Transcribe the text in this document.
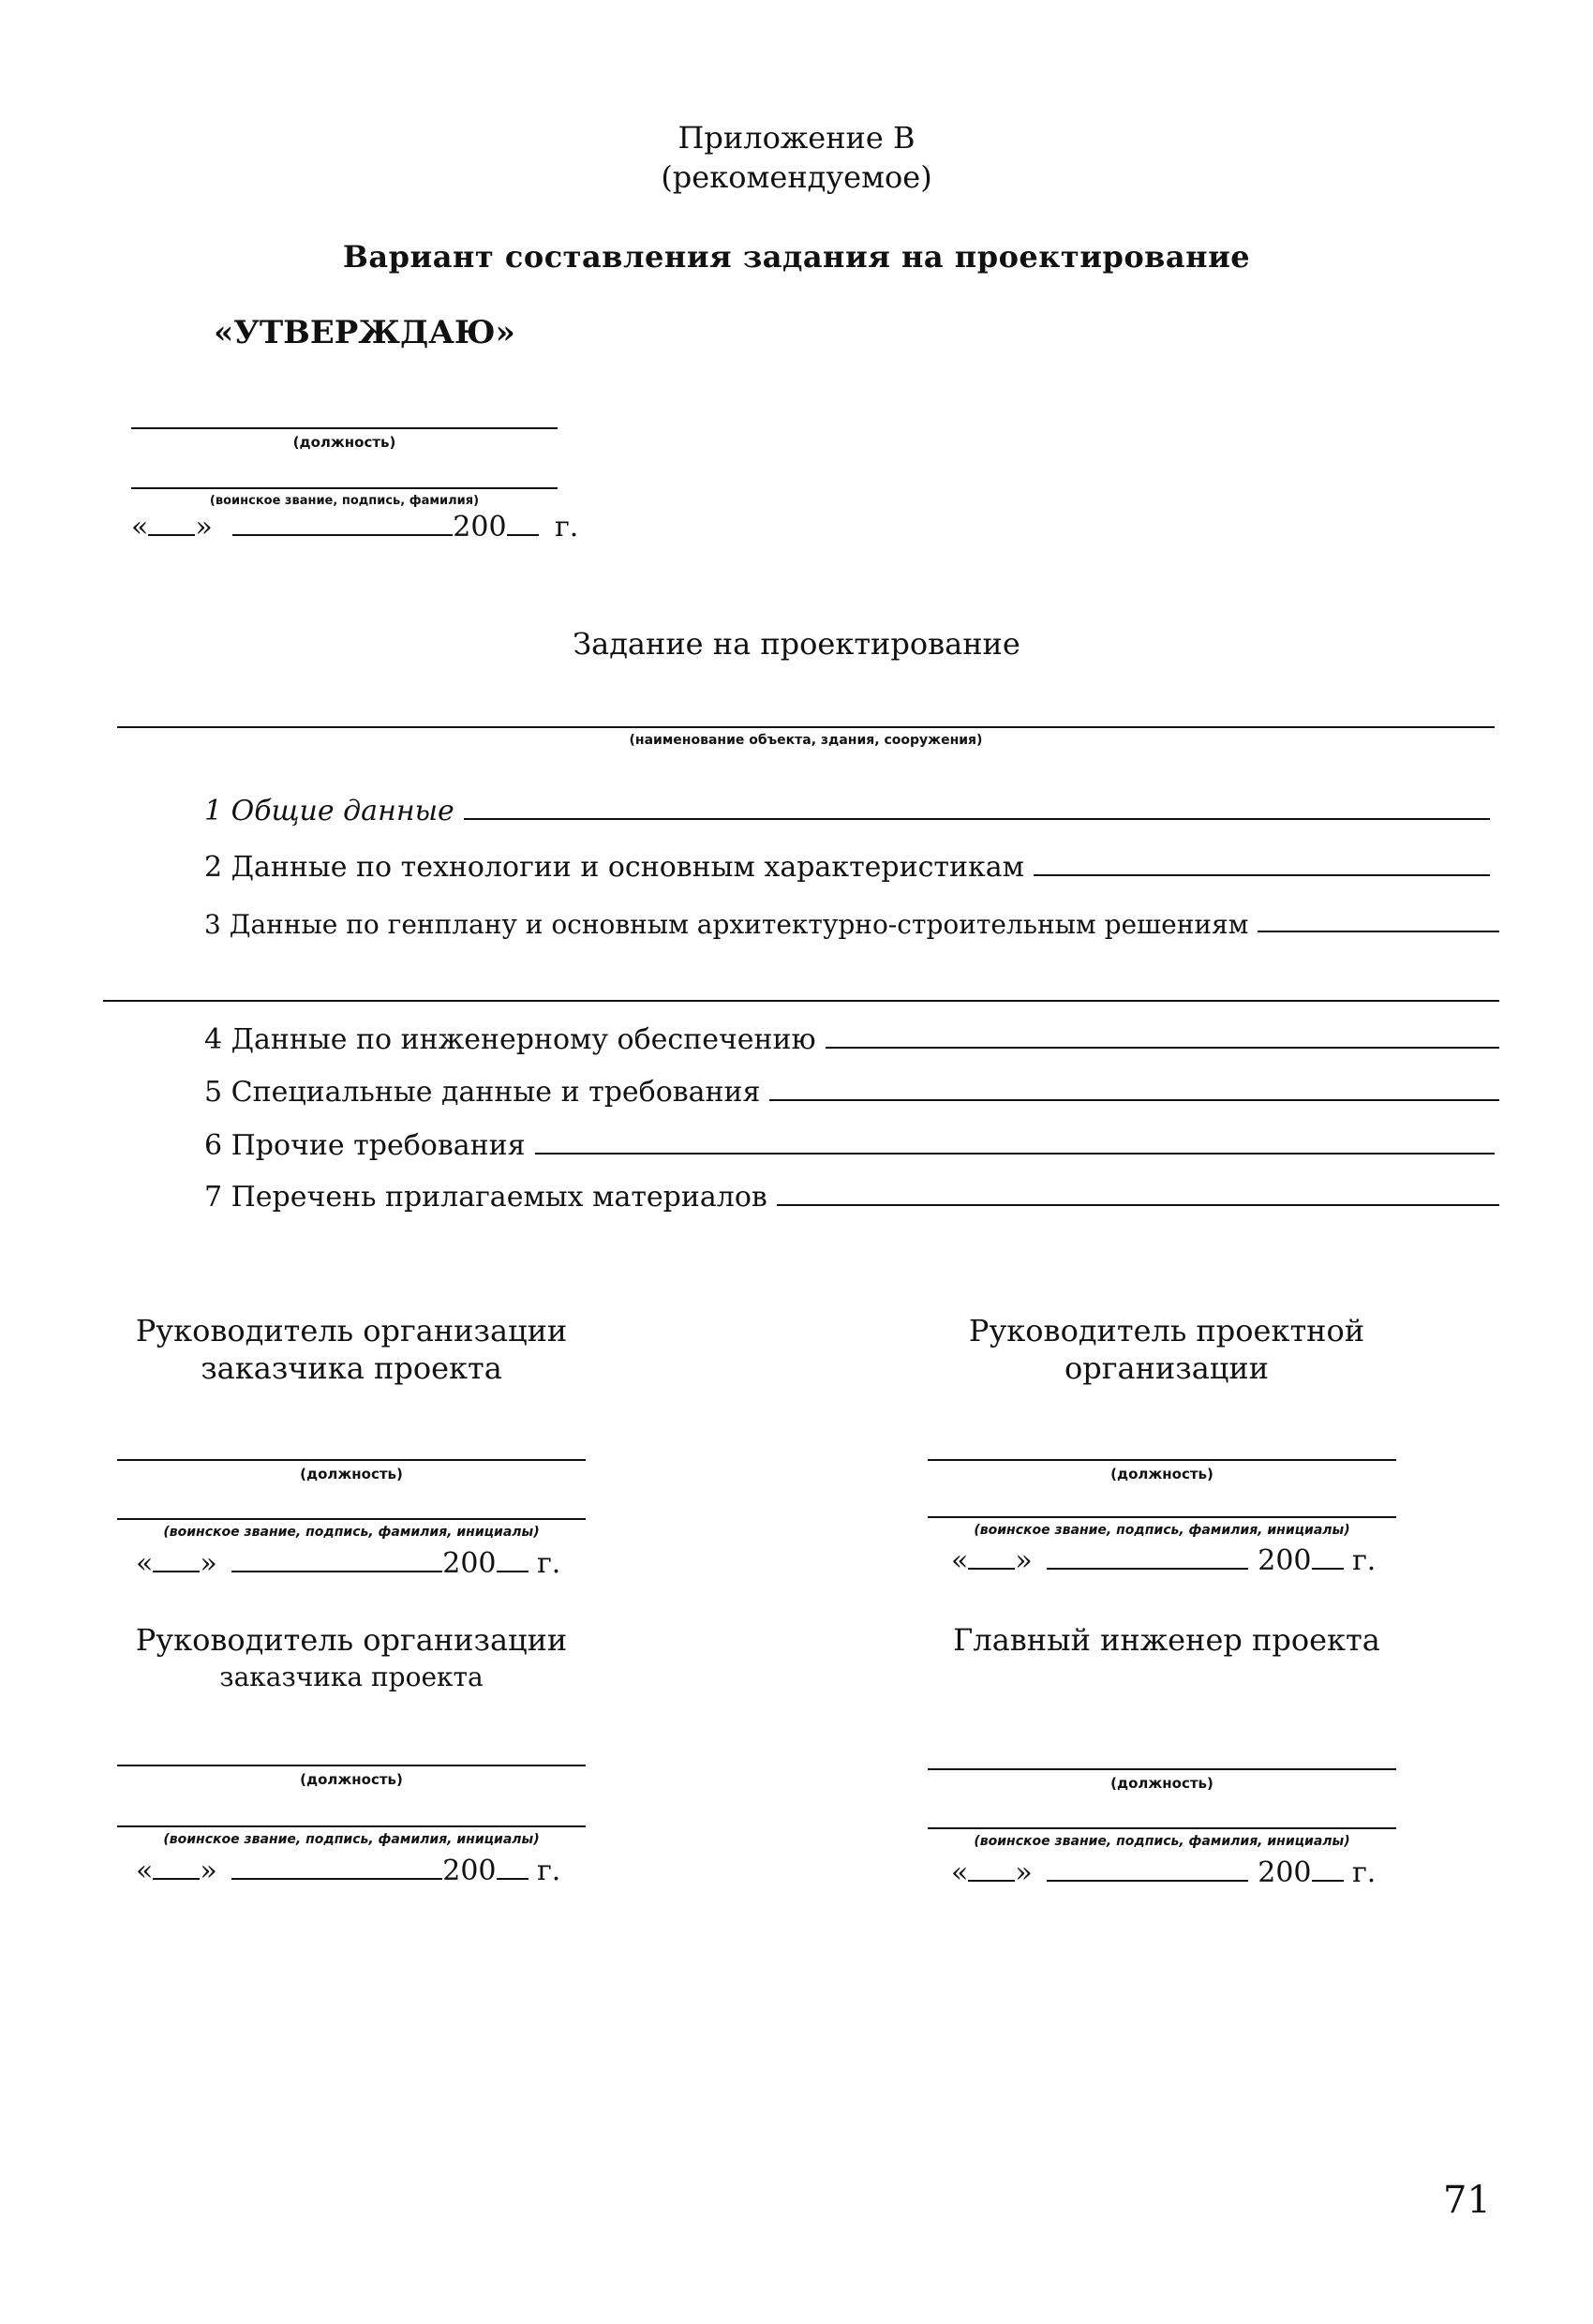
Приложение В
(рекомендуемое)
Вариант составления задания на проектирование
«УТВЕРЖДАЮ»
(должность)
(воинское звание, подпись, фамилия)
« »	200 г.
Задание на проектирование
(наименование объекта, здания, сооружения)
1 Общие данные
2 Данные по технологии и основным характеристикам
3 Данные по генплану и основным архитектурно-строительным решениям
4 Данные по инженерному обеспечению
5 Специальные данные и требования
6 Прочие требования
7 Перечень прилагаемых материалов
Руководитель организации
заказчика проекта
(должность)
(воинское звание, подпись, фамилия, инициалы)
« »	200 г.
Руководитель проектной
организации
(должность)
(воинское звание, подпись, фамилия, инициалы)
« »	200 г.
Руководитель организации
заказчика проекта
(должность)
(воинское звание, подпись, фамилия, инициалы)
« »	200 г.
Главный инженер проекта
(должность)
(воинское звание, подпись, фамилия, инициалы)
« »	200 г.
71
